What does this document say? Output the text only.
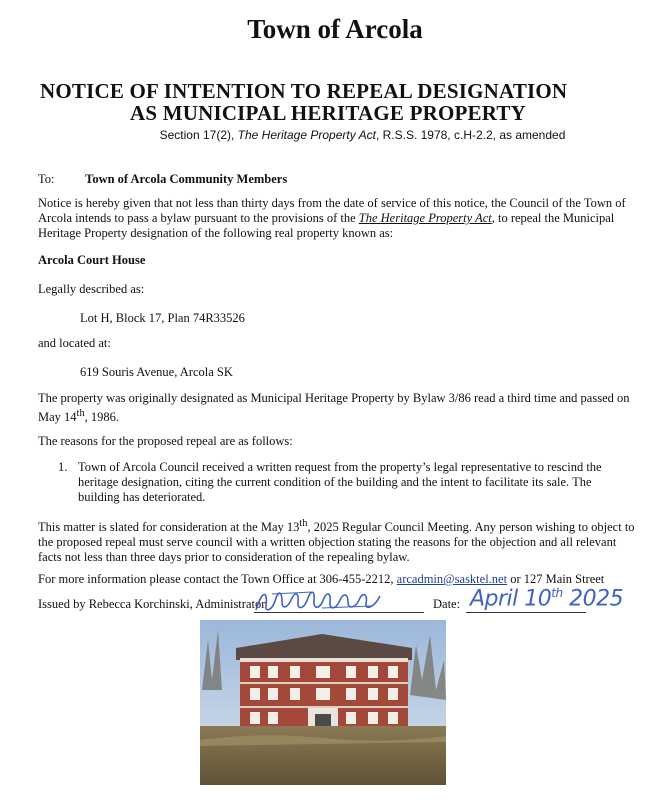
Town of Arcola
NOTICE OF INTENTION TO REPEAL DESIGNATION
AS MUNICIPAL HERITAGE PROPERTY
Section 17(2), The Heritage Property Act, R.S.S. 1978, c.H-2.2, as amended
To: Town of Arcola Community Members
Notice is hereby given that not less than thirty days from the date of service of this notice, the Council of the Town of Arcola intends to pass a bylaw pursuant to the provisions of the The Heritage Property Act, to repeal the Municipal Heritage Property designation of the following real property known as:
Arcola Court House
Legally described as:
Lot H, Block 17, Plan 74R33526
and located at:
619 Souris Avenue, Arcola SK
The property was originally designated as Municipal Heritage Property by Bylaw 3/86 read a third time and passed on May 14th, 1986.
The reasons for the proposed repeal are as follows:
1. Town of Arcola Council received a written request from the property’s legal representative to rescind the heritage designation, citing the current condition of the building and the intent to facilitate its sale. The building has deteriorated.
This matter is slated for consideration at the May 13th, 2025 Regular Council Meeting. Any person wishing to object to the proposed repeal must serve council with a written objection stating the reasons for the objection and all relevant facts not less than three days prior to consideration of the repealing bylaw.
For more information please contact the Town Office at 306-455-2212, arcadmin@sasktel.net or 127 Main Street
Issued by Rebecca Korchinski, Administrator	Date: April 10th 2025
